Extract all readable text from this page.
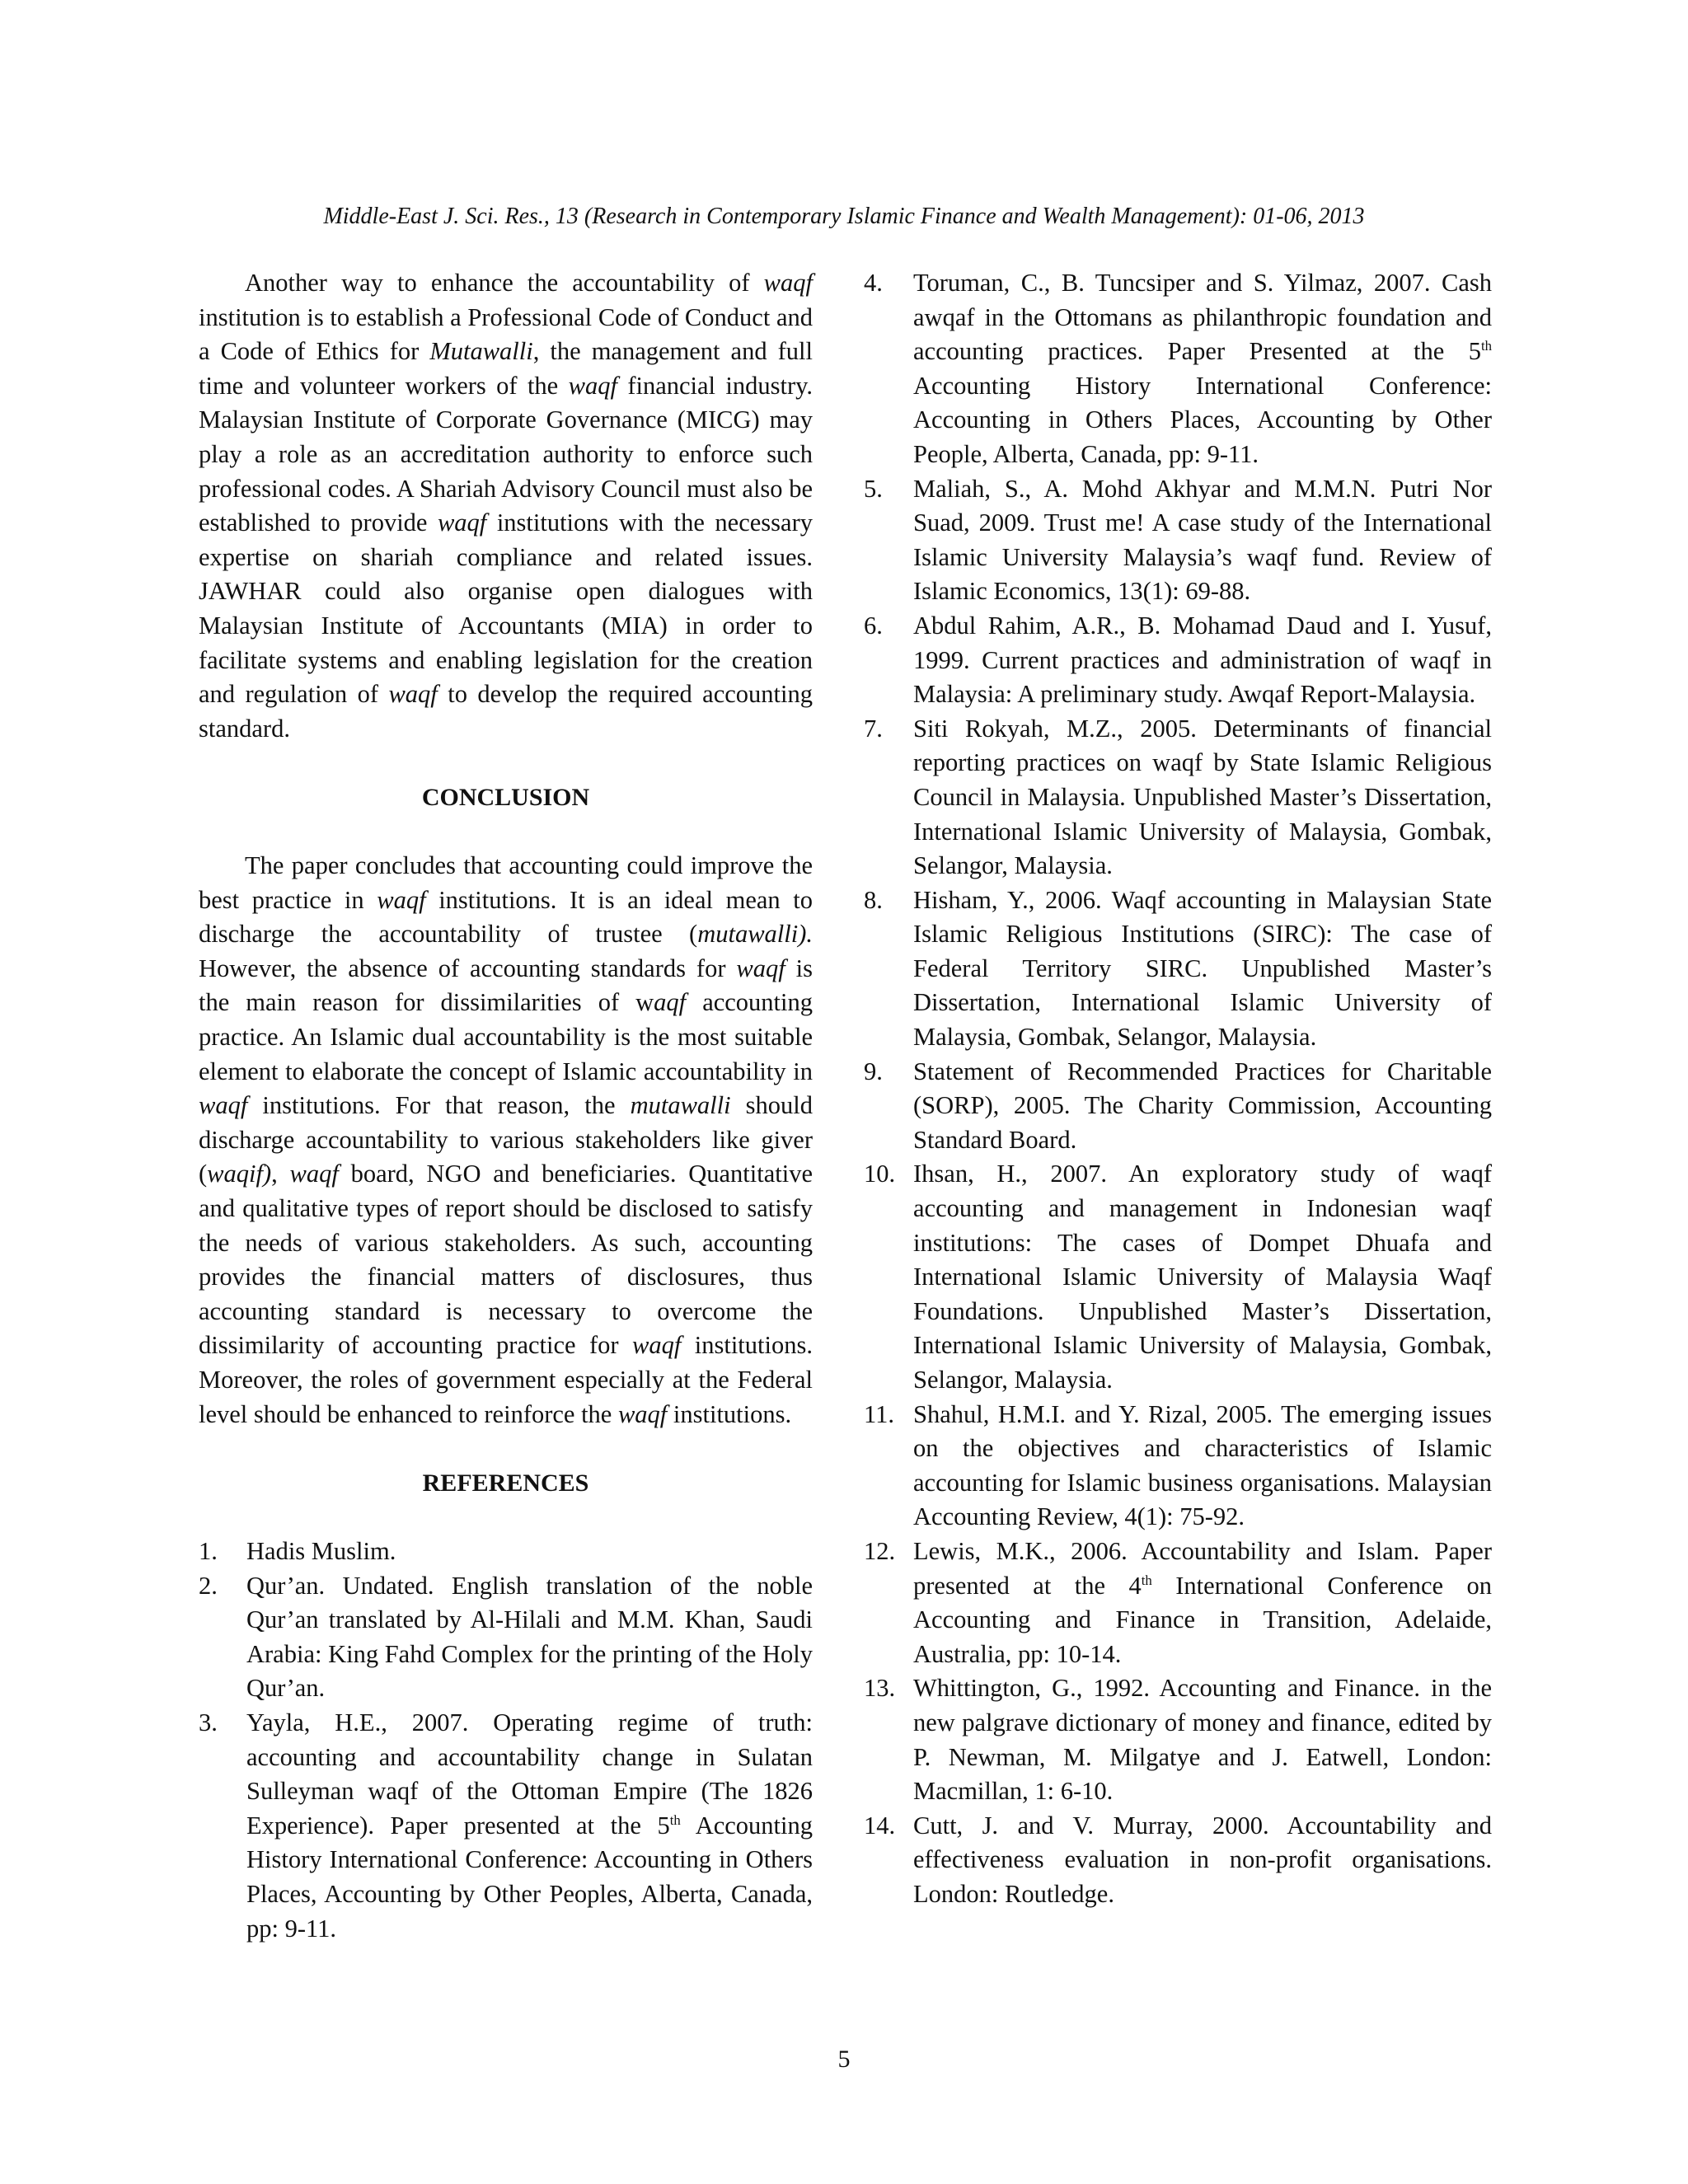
Middle-East J. Sci. Res., 13 (Research in Contemporary Islamic Finance and Wealth Management): 01-06, 2013

Another way to enhance the accountability of waqf institution is to establish a Professional Code of Conduct and a Code of Ethics for Mutawalli, the management and full time and volunteer workers of the waqf financial industry. Malaysian Institute of Corporate Governance (MICG) may play a role as an accreditation authority to enforce such professional codes. A Shariah Advisory Council must also be established to provide waqf institutions with the necessary expertise on shariah compliance and related issues. JAWHAR could also organise open dialogues with Malaysian Institute of Accountants (MIA) in order to facilitate systems and enabling legislation for the creation and regulation of waqf to develop the required accounting standard.

CONCLUSION

The paper concludes that accounting could improve the best practice in waqf institutions. It is an ideal mean to discharge the accountability of trustee (mutawalli). However, the absence of accounting standards for waqf is the main reason for dissimilarities of waqf accounting practice. An Islamic dual accountability is the most suitable element to elaborate the concept of Islamic accountability in waqf institutions. For that reason, the mutawalli should discharge accountability to various stakeholders like giver (waqif), waqf board, NGO and beneficiaries. Quantitative and qualitative types of report should be disclosed to satisfy the needs of various stakeholders. As such, accounting provides the financial matters of disclosures, thus accounting standard is necessary to overcome the dissimilarity of accounting practice for waqf institutions. Moreover, the roles of government especially at the Federal level should be enhanced to reinforce the waqf institutions.

REFERENCES
1. Hadis Muslim.
2. Qur’an. Undated. English translation of the noble Qur’an translated by Al-Hilali and M.M. Khan, Saudi Arabia: King Fahd Complex for the printing of the Holy Qur’an.
3. Yayla, H.E., 2007. Operating regime of truth: accounting and accountability change in Sulatan Sulleyman waqf of the Ottoman Empire (The 1826 Experience). Paper presented at the 5th Accounting History International Conference: Accounting in Others Places, Accounting by Other Peoples, Alberta, Canada, pp: 9-11.
4. Toruman, C., B. Tuncsiper and S. Yilmaz, 2007. Cash awqaf in the Ottomans as philanthropic foundation and accounting practices. Paper Presented at the 5th Accounting History International Conference: Accounting in Others Places, Accounting by Other People, Alberta, Canada, pp: 9-11.
5. Maliah, S., A. Mohd Akhyar and M.M.N. Putri Nor Suad, 2009. Trust me! A case study of the International Islamic University Malaysia’s waqf fund. Review of Islamic Economics, 13(1): 69-88.
6. Abdul Rahim, A.R., B. Mohamad Daud and I. Yusuf, 1999. Current practices and administration of waqf in Malaysia: A preliminary study. Awqaf Report-Malaysia.
7. Siti Rokyah, M.Z., 2005. Determinants of financial reporting practices on waqf by State Islamic Religious Council in Malaysia. Unpublished Master’s Dissertation, International Islamic University of Malaysia, Gombak, Selangor, Malaysia.
8. Hisham, Y., 2006. Waqf accounting in Malaysian State Islamic Religious Institutions (SIRC): The case of Federal Territory SIRC. Unpublished Master’s Dissertation, International Islamic University of Malaysia, Gombak, Selangor, Malaysia.
9. Statement of Recommended Practices for Charitable (SORP), 2005. The Charity Commission, Accounting Standard Board.
10. Ihsan, H., 2007. An exploratory study of waqf accounting and management in Indonesian waqf institutions: The cases of Dompet Dhuafa and International Islamic University of Malaysia Waqf Foundations. Unpublished Master’s Dissertation, International Islamic University of Malaysia, Gombak, Selangor, Malaysia.
11. Shahul, H.M.I. and Y. Rizal, 2005. The emerging issues on the objectives and characteristics of Islamic accounting for Islamic business organisations. Malaysian Accounting Review, 4(1): 75-92.
12. Lewis, M.K., 2006. Accountability and Islam. Paper presented at the 4th International Conference on Accounting and Finance in Transition, Adelaide, Australia, pp: 10-14.
13. Whittington, G., 1992. Accounting and Finance. in the new palgrave dictionary of money and finance, edited by P. Newman, M. Milgatye and J. Eatwell, London: Macmillan, 1: 6-10.
14. Cutt, J. and V. Murray, 2000. Accountability and effectiveness evaluation in non-profit organisations. London: Routledge.
5
